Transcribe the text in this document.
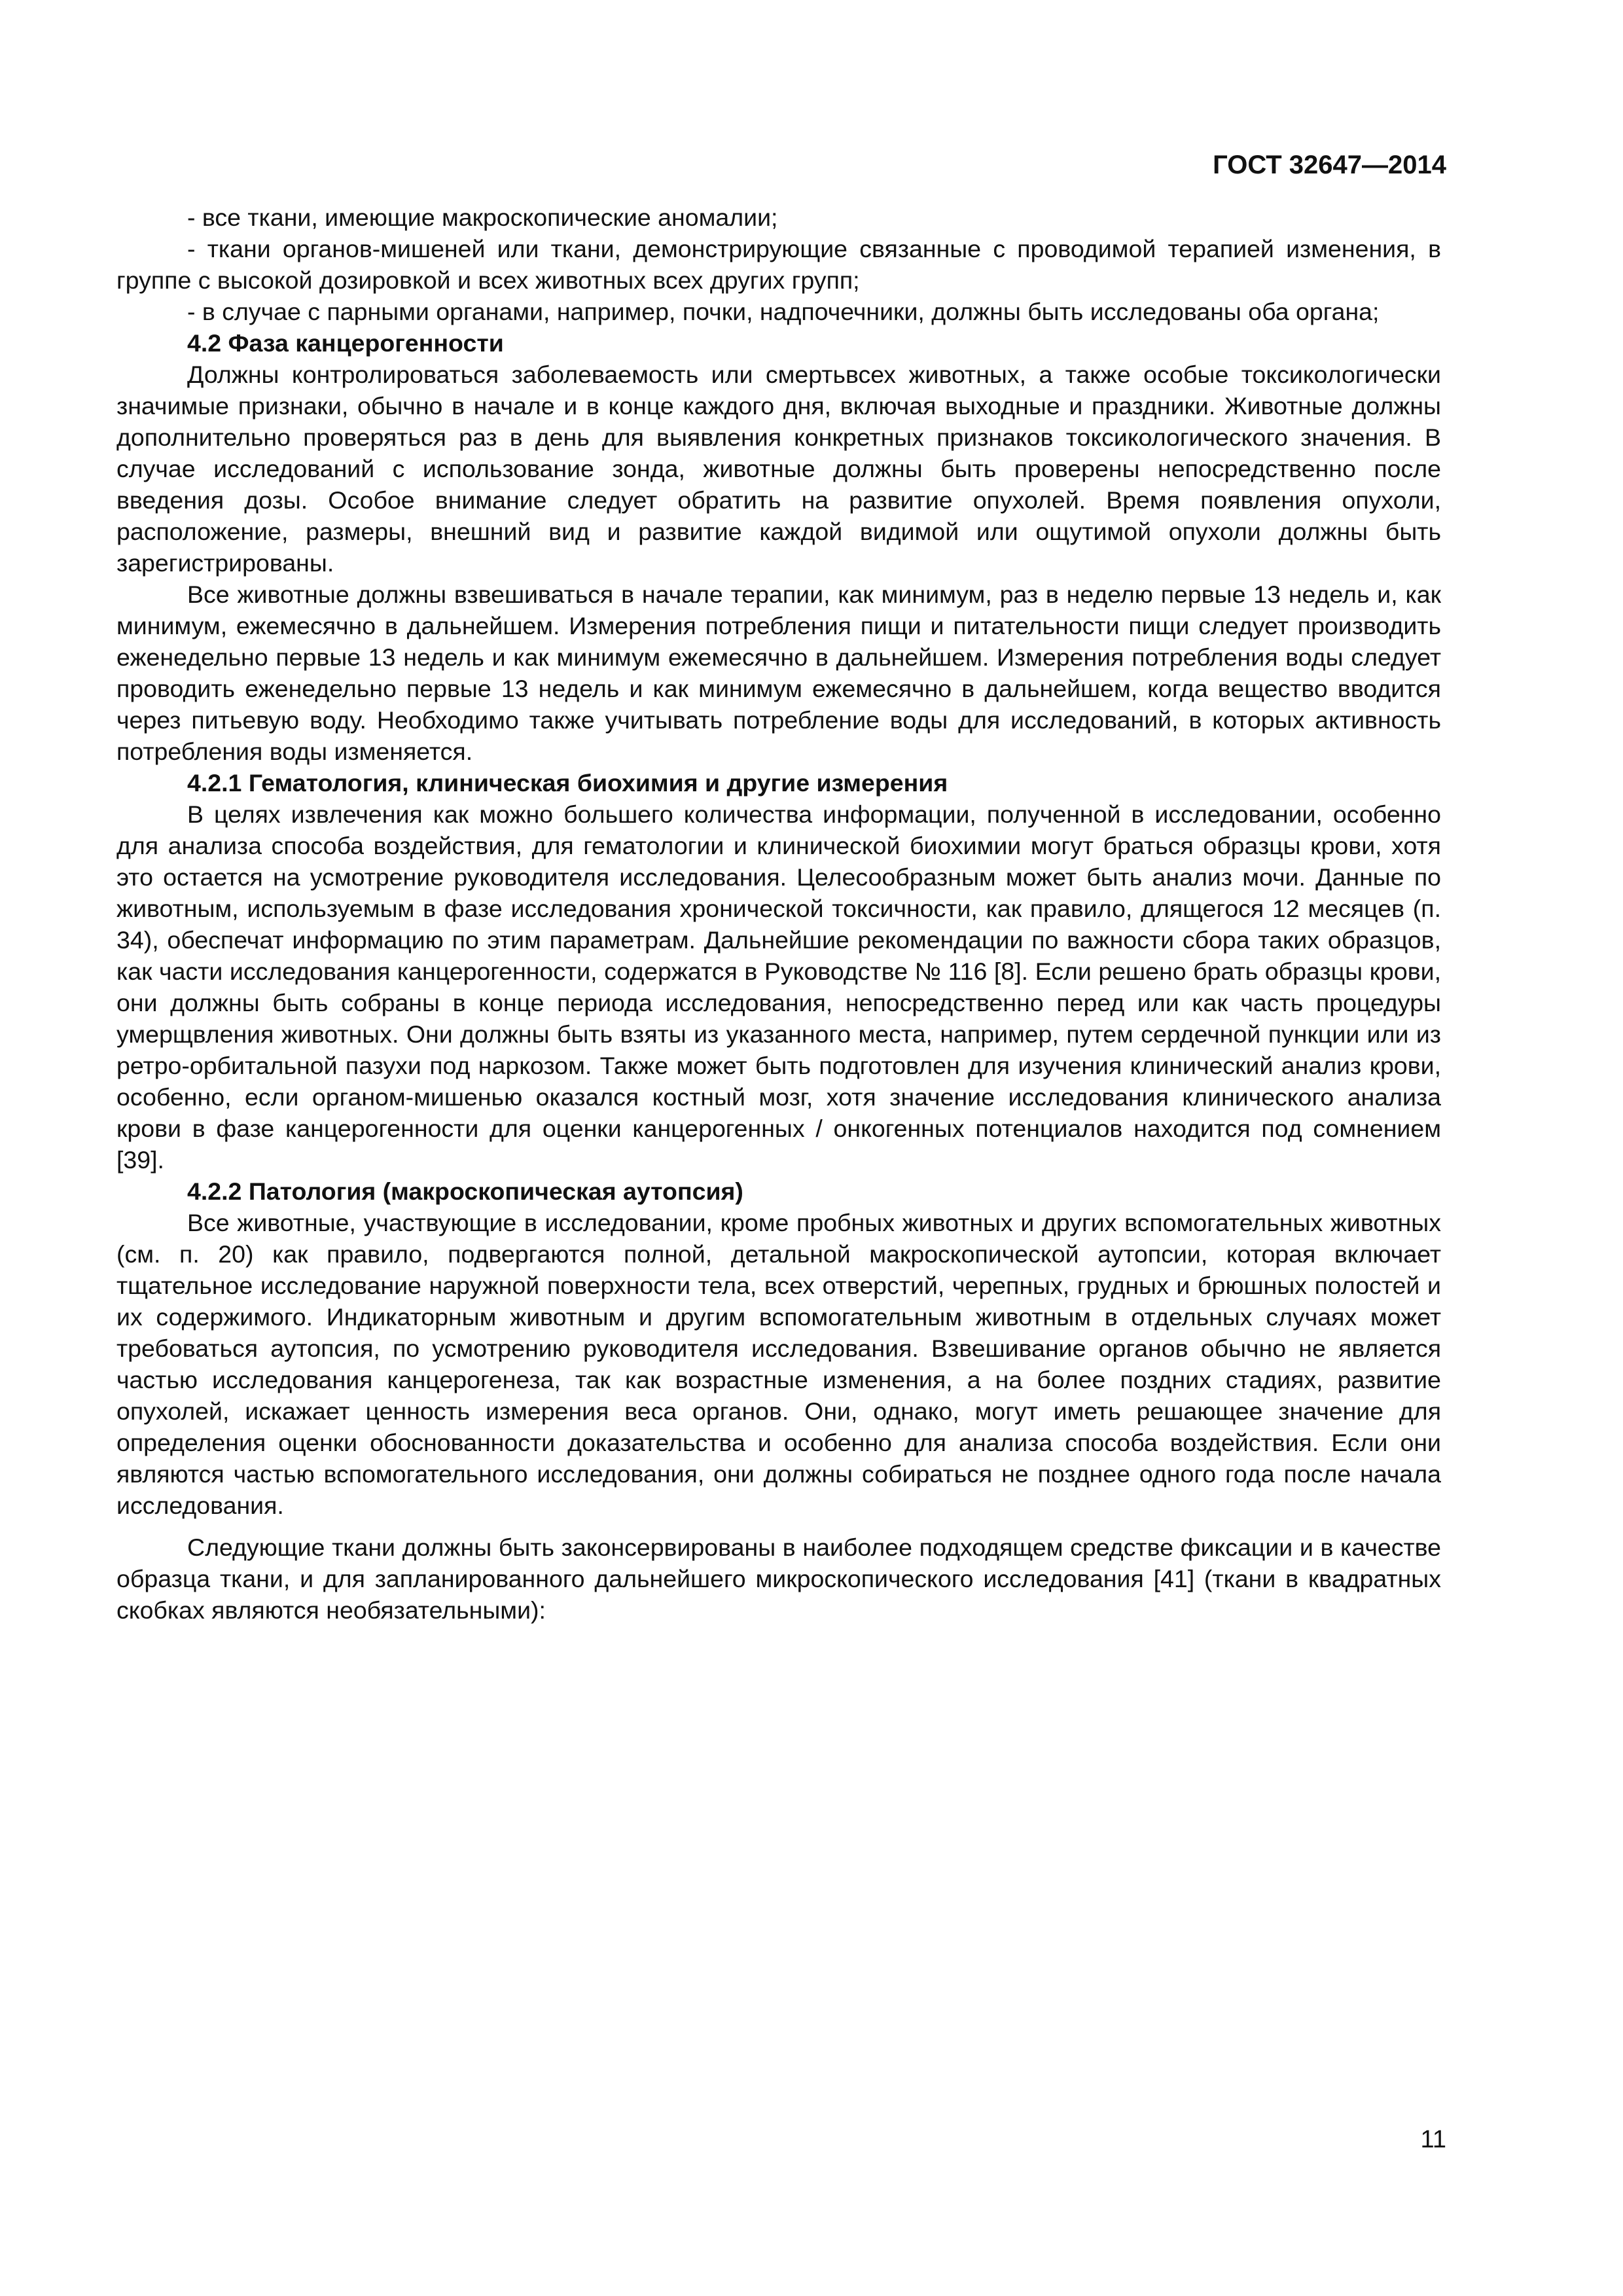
ГОСТ 32647—2014

- все ткани, имеющие макроскопические аномалии;

- ткани органов-мишеней или ткани, демонстрирующие связанные с проводимой терапией изменения, в группе с высокой дозировкой и всех животных всех других групп;

- в случае с парными органами, например, почки, надпочечники, должны быть исследованы оба органа;

4.2 Фаза канцерогенности

Должны контролироваться заболеваемость или смертьвсех животных, а также особые токсикологически значимые признаки, обычно в начале и в конце каждого дня, включая выходные и праздники. Животные должны дополнительно проверяться раз в день для выявления конкретных признаков токсикологического значения. В случае исследований с использование зонда, животные должны быть проверены непосредственно после введения дозы. Особое внимание следует обратить на развитие опухолей. Время появления опухоли, расположение, размеры, внешний вид и развитие каждой видимой или ощутимой опухоли должны быть зарегистрированы.

Все животные должны взвешиваться в начале терапии, как минимум, раз в неделю первые 13 недель и, как минимум, ежемесячно в дальнейшем. Измерения потребления пищи и питательности пищи следует производить еженедельно первые 13 недель и как минимум ежемесячно в дальнейшем. Измерения потребления воды следует проводить еженедельно первые 13 недель и как минимум ежемесячно в дальнейшем, когда вещество вводится через питьевую воду. Необходимо также учитывать потребление воды для исследований, в которых активность потребления воды изменяется.

4.2.1 Гематология, клиническая биохимия и другие измерения

В целях извлечения как можно большего количества информации, полученной в исследовании, особенно для анализа способа воздействия, для гематологии и клинической биохимии могут браться образцы крови, хотя это остается на усмотрение руководителя исследования. Целесообразным может быть анализ мочи. Данные по животным, используемым в фазе исследования хронической токсичности, как правило, длящегося 12 месяцев (п. 34), обеспечат информацию по этим параметрам. Дальнейшие рекомендации по важности сбора таких образцов, как части исследования канцерогенности, содержатся в Руководстве № 116 [8]. Если решено брать образцы крови, они должны быть собраны в конце периода исследования, непосредственно перед или как часть процедуры умерщвления животных. Они должны быть взяты из указанного места, например, путем сердечной пункции или из ретро-орбитальной пазухи под наркозом. Также может быть подготовлен для изучения клинический анализ крови, особенно, если органом-мишенью оказался костный мозг, хотя значение исследования клинического анализа крови в фазе канцерогенности для оценки канцерогенных / онкогенных потенциалов находится под сомнением [39].

4.2.2 Патология (макроскопическая аутопсия)

Все животные, участвующие в исследовании, кроме пробных животных и других вспомогательных животных (см. п. 20) как правило, подвергаются полной, детальной макроскопической аутопсии, которая включает тщательное исследование наружной поверхности тела, всех отверстий, черепных, грудных и брюшных полостей и их содержимого. Индикаторным животным и другим вспомогательным животным в отдельных случаях может требоваться аутопсия, по усмотрению руководителя исследования. Взвешивание органов обычно не является частью исследования канцерогенеза, так как возрастные изменения, а на более поздних стадиях, развитие опухолей, искажает ценность измерения веса органов. Они, однако, могут иметь решающее значение для определения оценки обоснованности доказательства и особенно для анализа способа воздействия. Если они являются частью вспомогательного исследования, они должны собираться не позднее одного года после начала исследования.

Следующие ткани должны быть законсервированы в наиболее подходящем средстве фиксации и в качестве образца ткани, и для запланированного дальнейшего микроскопического исследования [41] (ткани в квадратных скобках являются необязательными):

11
